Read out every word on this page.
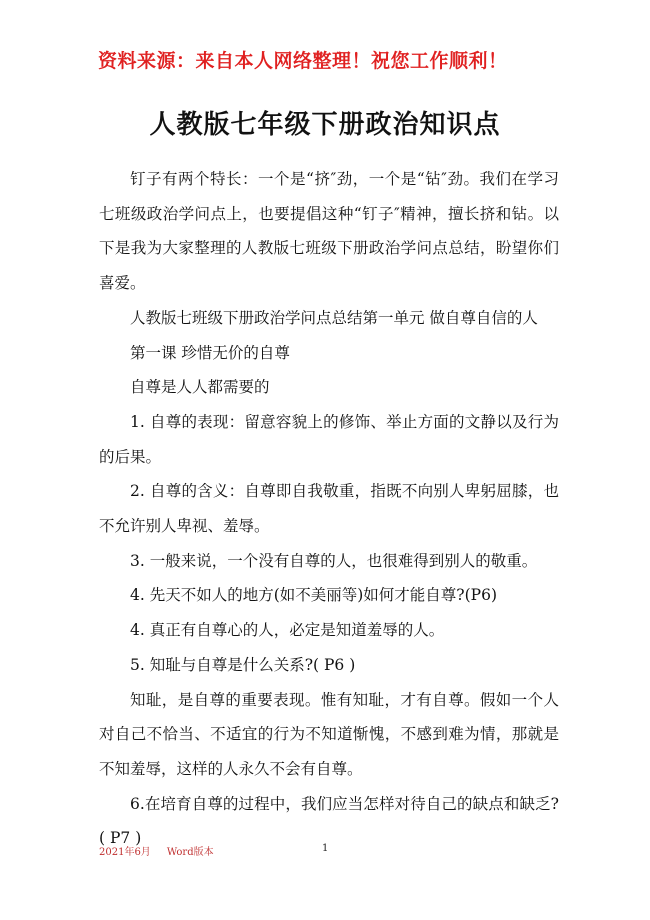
资料来源：来自本人网络整理！祝您工作顺利！
人教版七年级下册政治知识点

钉子有两个特长：一个是“挤″劲，一个是“钻″劲。我们在学习七班级政治学问点上，也要提倡这种“钉子″精神，擅长挤和钻。以下是我为大家整理的人教版七班级下册政治学问点总结，盼望你们喜爱。

人教版七班级下册政治学问点总结第一单元 做自尊自信的人

第一课 珍惜无价的自尊

自尊是人人都需要的

1. 自尊的表现：留意容貌上的修饰、举止方面的文静以及行为的后果。

2. 自尊的含义：自尊即自我敬重，指既不向别人卑躬屈膝，也不允许别人卑视、羞辱。

3. 一般来说，一个没有自尊的人，也很难得到别人的敬重。

4. 先天不如人的地方(如不美丽等)如何才能自尊?(P6)

4. 真正有自尊心的人，必定是知道羞辱的人。

5. 知耻与自尊是什么关系?( P6 )

知耻，是自尊的重要表现。惟有知耻，才有自尊。假如一个人对自己不恰当、不适宜的行为不知道惭愧，不感到难为情，那就是不知羞辱，这样的人永久不会有自尊。

6.在培育自尊的过程中，我们应当怎样对待自己的缺点和缺乏?( P7 )

2021年6月 Word版本	1
